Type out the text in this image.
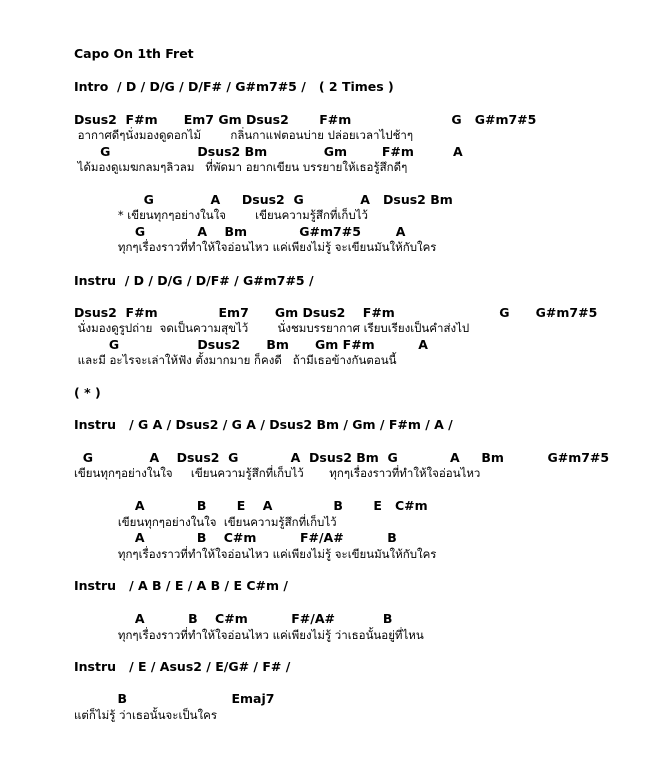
Capo On 1th Fret

Intro  / D / D/G / D/F# / G#m7#5 /   ( 2 Times )

Dsus2  F#m      Em7 Gm Dsus2       F#m                       G   G#m7#5

อากาศดีๆนั่งมองดูดอกไม้        กลิ่นกาแฟตอนบ่าย ปล่อยเวลาไปช้าๆ

G                    Dsus2 Bm             Gm        F#m         A

ได้มองดูเมฆกลมๆลิวลม   ที่พัดมา อยากเขียน บรรยายให้เธอรู้สึกดีๆ

G             A     Dsus2  G             A   Dsus2 Bm

* เขียนทุกๆอย่างในใจ        เขียนความรู้สึกที่เก็บไว้

G            A    Bm            G#m7#5        A

ทุกๆเรื่องราวที่ทำให้ใจอ่อนไหว แค่เพียงไม่รู้ จะเขียนมันให้กับใคร

Instru  / D / D/G / D/F# / G#m7#5 /

Dsus2  F#m              Em7      Gm Dsus2    F#m                        G      G#m7#5

นั่งมองดูรูปถ่าย  จดเป็นความสุขไว้        นั่งชมบรรยากาศ เรียบเรียงเป็นคำส่งไป

G                  Dsus2      Bm      Gm F#m          A

และมี อะไรจะเล่าให้ฟัง ตั้งมากมาย ก็คงดี   ถ้ามีเธอข้างกันตอนนี้

( * )

Instru   / G A / Dsus2 / G A / Dsus2 Bm / Gm / F#m / A /

G             A    Dsus2  G            A  Dsus2 Bm  G            A     Bm          G#m7#5

เขียนทุกๆอย่างในใจ     เขียนความรู้สึกที่เก็บไว้       ทุกๆเรื่องราวที่ทำให้ใจอ่อนไหว

A            B       E    A              B       E   C#m

เขียนทุกๆอย่างในใจ  เขียนความรู้สึกที่เก็บไว้

A            B    C#m          F#/A#          B

ทุกๆเรื่องราวที่ทำให้ใจอ่อนไหว แค่เพียงไม่รู้ จะเขียนมันให้กับใคร

Instru   / A B / E / A B / E C#m /

A          B    C#m          F#/A#           B

ทุกๆเรื่องราวที่ทำให้ใจอ่อนไหว แค่เพียงไม่รู้ ว่าเธอนั้นอยู่ที่ไหน

Instru   / E / Asus2 / E/G# / F# /

B                        Emaj7

แต่ก็ไม่รู้ ว่าเธอนั้นจะเป็นใคร
